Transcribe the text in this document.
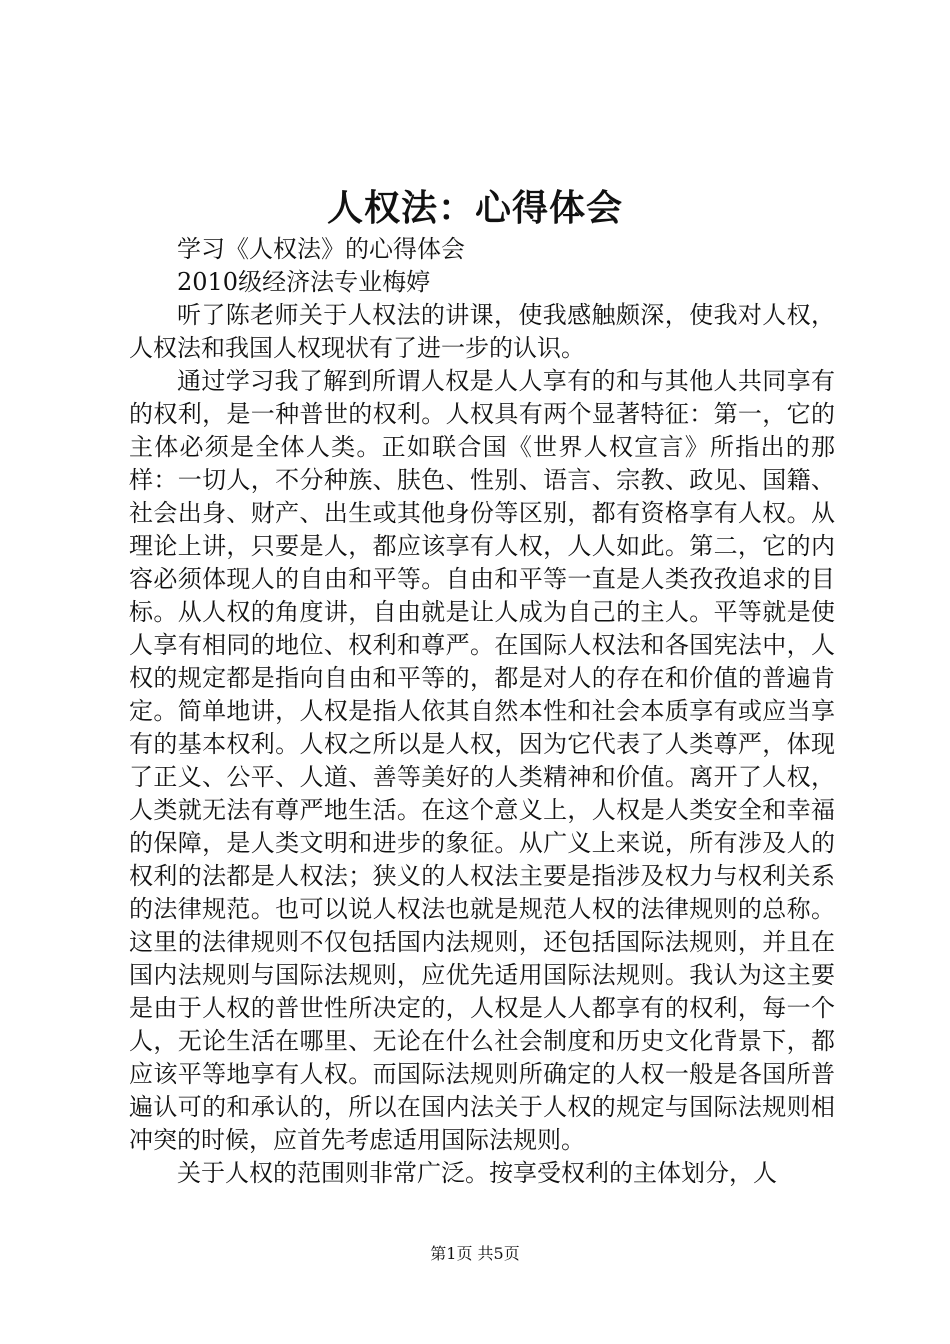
人权法：心得体会

学习《人权法》的心得体会

2010级经济法专业梅婷

听了陈老师关于人权法的讲课，使我感触颇深，使我对人权，人权法和我国人权现状有了进一步的认识。

通过学习我了解到所谓人权是人人享有的和与其他人共同享有的权利，是一种普世的权利。人权具有两个显著特征：第一，它的主体必须是全体人类。正如联合国《世界人权宣言》所指出的那样：一切人，不分种族、肤色、性别、语言、宗教、政见、国籍、社会出身、财产、出生或其他身份等区别，都有资格享有人权。从理论上讲，只要是人，都应该享有人权，人人如此。第二，它的内容必须体现人的自由和平等。自由和平等一直是人类孜孜追求的目标。从人权的角度讲，自由就是让人成为自己的主人。平等就是使人享有相同的地位、权利和尊严。在国际人权法和各国宪法中，人权的规定都是指向自由和平等的，都是对人的存在和价值的普遍肯定。简单地讲，人权是指人依其自然本性和社会本质享有或应当享有的基本权利。人权之所以是人权，因为它代表了人类尊严，体现了正义、公平、人道、善等美好的人类精神和价值。离开了人权，人类就无法有尊严地生活。在这个意义上，人权是人类安全和幸福的保障，是人类文明和进步的象征。从广义上来说，所有涉及人的权利的法都是人权法；狭义的人权法主要是指涉及权力与权利关系的法律规范。也可以说人权法也就是规范人权的法律规则的总称。这里的法律规则不仅包括国内法规则，还包括国际法规则，并且在国内法规则与国际法规则，应优先适用国际法规则。我认为这主要是由于人权的普世性所决定的，人权是人人都享有的权利，每一个人，无论生活在哪里、无论在什么社会制度和历史文化背景下，都应该平等地享有人权。而国际法规则所确定的人权一般是各国所普遍认可的和承认的，所以在国内法关于人权的规定与国际法规则相冲突的时候，应首先考虑适用国际法规则。

关于人权的范围则非常广泛。按享受权利的主体划分，人

第1页 共5页
